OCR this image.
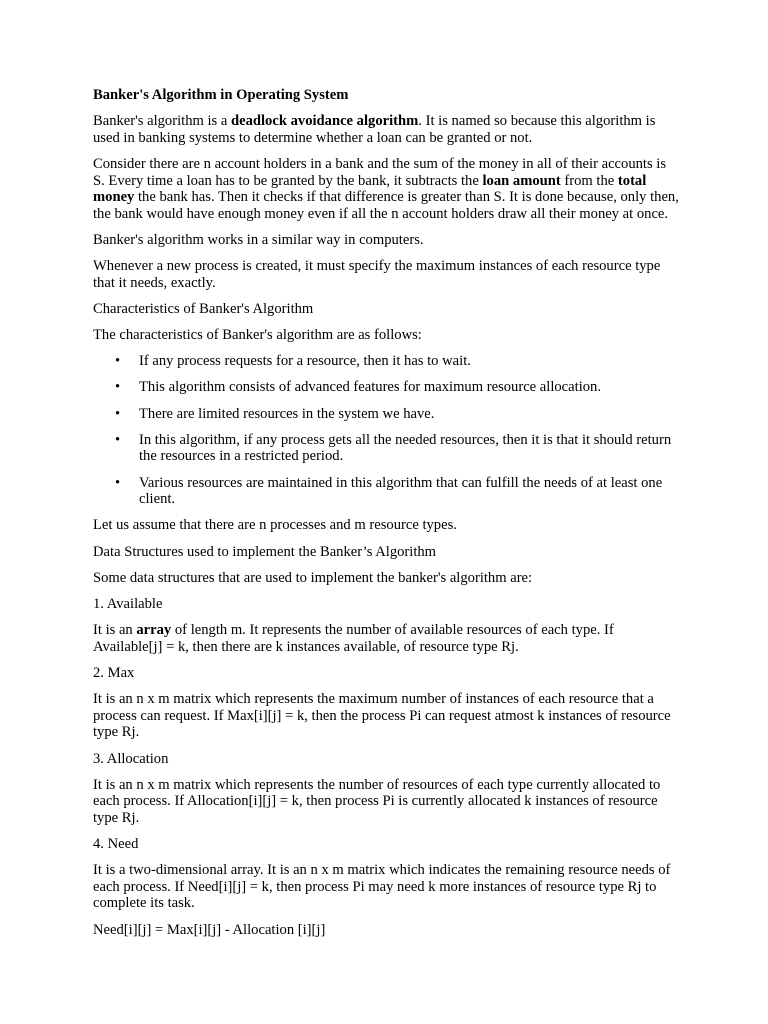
Banker's Algorithm in Operating System

Banker's algorithm is a deadlock avoidance algorithm. It is named so because this algorithm is used in banking systems to determine whether a loan can be granted or not.

Consider there are n account holders in a bank and the sum of the money in all of their accounts is S. Every time a loan has to be granted by the bank, it subtracts the loan amount from the total money the bank has. Then it checks if that difference is greater than S. It is done because, only then, the bank would have enough money even if all the n account holders draw all their money at once.

Banker's algorithm works in a similar way in computers.

Whenever a new process is created, it must specify the maximum instances of each resource type that it needs, exactly.

Characteristics of Banker's Algorithm

The characteristics of Banker's algorithm are as follows:

• If any process requests for a resource, then it has to wait.
• This algorithm consists of advanced features for maximum resource allocation.
• There are limited resources in the system we have.
• In this algorithm, if any process gets all the needed resources, then it is that it should return the resources in a restricted period.
• Various resources are maintained in this algorithm that can fulfill the needs of at least one client.

Let us assume that there are n processes and m resource types.

Data Structures used to implement the Banker’s Algorithm

Some data structures that are used to implement the banker's algorithm are:

1. Available

It is an array of length m. It represents the number of available resources of each type. If Available[j] = k, then there are k instances available, of resource type Rj.

2. Max

It is an n x m matrix which represents the maximum number of instances of each resource that a process can request. If Max[i][j] = k, then the process Pi can request atmost k instances of resource type Rj.

3. Allocation

It is an n x m matrix which represents the number of resources of each type currently allocated to each process. If Allocation[i][j] = k, then process Pi is currently allocated k instances of resource type Rj.

4. Need

It is a two-dimensional array. It is an n x m matrix which indicates the remaining resource needs of each process. If Need[i][j] = k, then process Pi may need k more instances of resource type Rj to complete its task.

Need[i][j] = Max[i][j] - Allocation [i][j]
